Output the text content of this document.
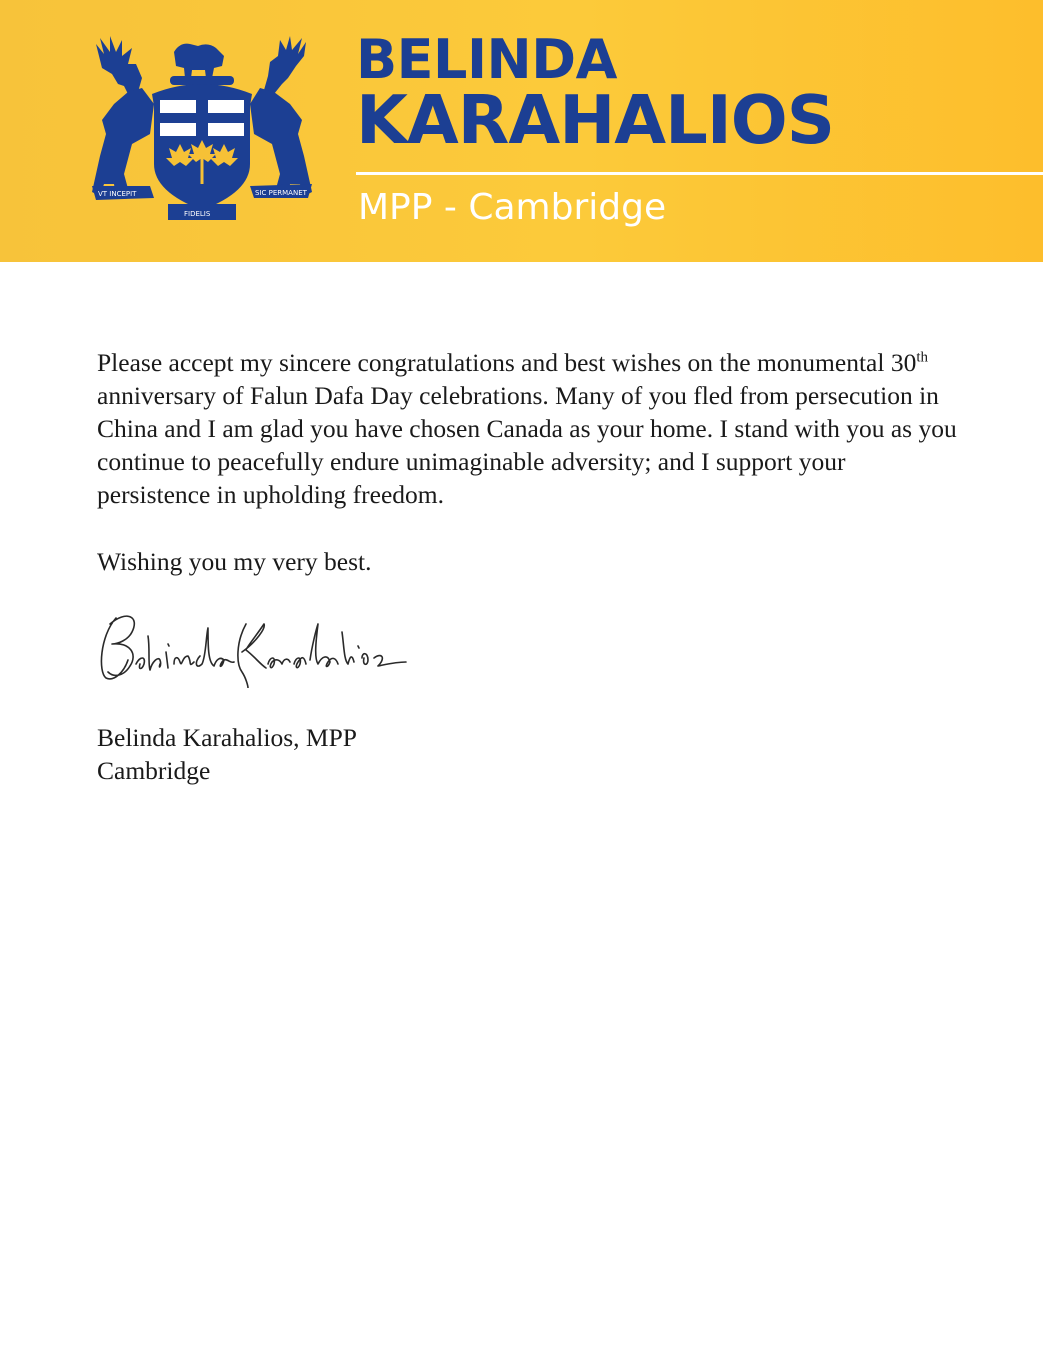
VT INCEPIT
FIDELIS
SIC PERMANET
BELINDA
KARAHALIOS
MPP - Cambridge

Please accept my sincere congratulations and best wishes on the monumental 30th anniversary of Falun Dafa Day celebrations. Many of you fled from persecution in China and I am glad you have chosen Canada as your home. I stand with you as you continue to peacefully endure unimaginable adversity; and I support your persistence in upholding freedom.

Wishing you my very best.
Belinda Karahalios, MPP
Cambridge
